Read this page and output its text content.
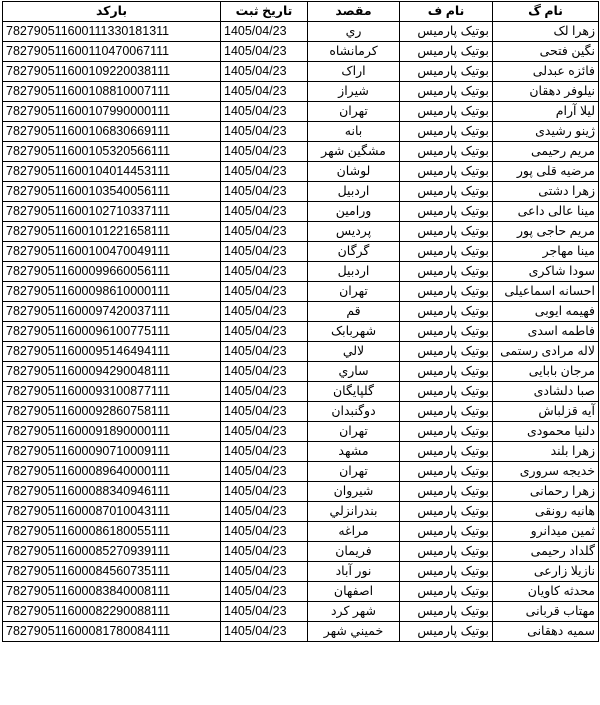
بارکد	تاریخ ثبت	مقصد	نام ف	نام گ
782790511600111330181311	1405/04/23	ري	بوتیک پارمیس	زهرا لک
782790511600110470067111	1405/04/23	کرمانشاه	بوتیک پارمیس	نگین فتحی
782790511600109220038111	1405/04/23	اراک	بوتیک پارمیس	فائزه عبدلی
782790511600108810007111	1405/04/23	شیراز	بوتیک پارمیس	نیلوفر دهقان
782790511600107990000111	1405/04/23	تهران	بوتیک پارمیس	لیلا آرام
782790511600106830669111	1405/04/23	بانه	بوتیک پارمیس	ژینو رشیدی
782790511600105320566111	1405/04/23	مشگین شهر	بوتیک پارمیس	مریم رحیمی
782790511600104014453111	1405/04/23	لوشان	بوتیک پارمیس	مرضیه قلی پور
782790511600103540056111	1405/04/23	اردبیل	بوتیک پارمیس	زهرا دشتی
782790511600102710337111	1405/04/23	ورامین	بوتیک پارمیس	مینا عالی داعی
782790511600101221658111	1405/04/23	پردیس	بوتیک پارمیس	مریم حاجی پور
782790511600100470049111	1405/04/23	گرگان	بوتیک پارمیس	مینا مهاجر
782790511600099660056111	1405/04/23	اردبیل	بوتیک پارمیس	سودا شاکری
782790511600098610000111	1405/04/23	تهران	بوتیک پارمیس	احسانه اسماعیلی
782790511600097420037111	1405/04/23	قم	بوتیک پارمیس	فهیمه ایوبی
782790511600096100775111	1405/04/23	شهربابک	بوتیک پارمیس	فاطمه اسدی
782790511600095146494111	1405/04/23	لالي	بوتیک پارمیس	لاله مرادی رستمی
782790511600094290048111	1405/04/23	ساري	بوتیک پارمیس	مرجان بابایی
782790511600093100877111	1405/04/23	گلپايگان	بوتیک پارمیس	صبا دلشادی
782790511600092860758111	1405/04/23	دوگنبدان	بوتیک پارمیس	آیه قزلباش
782790511600091890000111	1405/04/23	تهران	بوتیک پارمیس	دلنیا محمودی
782790511600090710009111	1405/04/23	مشهد	بوتیک پارمیس	زهرا بلند
782790511600089640000111	1405/04/23	تهران	بوتیک پارمیس	خدیجه سروری
782790511600088340946111	1405/04/23	شیروان	بوتیک پارمیس	زهرا رحمانی
782790511600087010043111	1405/04/23	بندرانزلي	بوتیک پارمیس	هانیه رونقی
782790511600086180055111	1405/04/23	مراغه	بوتیک پارمیس	ثمین میدانرو
782790511600085270939111	1405/04/23	فریمان	بوتیک پارمیس	گلداد رحیمی
782790511600084560735111	1405/04/23	نور آباد	بوتیک پارمیس	نازیلا زارعی
782790511600083840008111	1405/04/23	اصفهان	بوتیک پارمیس	محدثه کاویان
782790511600082290088111	1405/04/23	شهر کرد	بوتیک پارمیس	مهتاب قربانی
782790511600081780084111	1405/04/23	خمیني شهر	بوتیک پارمیس	سمیه دهقانی
